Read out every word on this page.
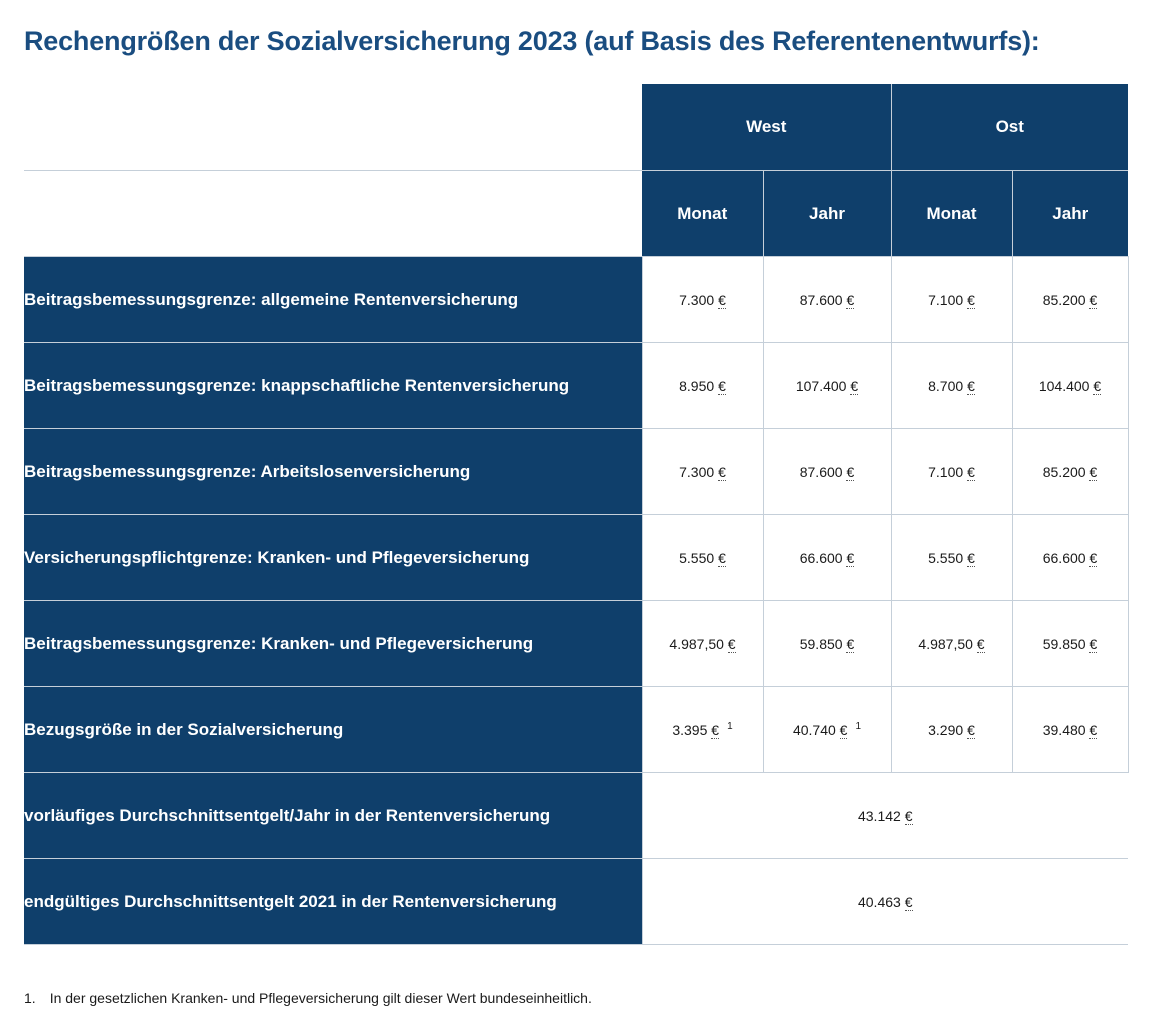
Rechengrößen der Sozialversicherung 2023 (auf Basis des Referentenentwurfs):
	West		Ost	
	Monat	Jahr	Monat	Jahr
Beitragsbemessungsgrenze: allgemeine Rentenversicherung	7.300 €	87.600 €	7.100 €	85.200 €
Beitragsbemessungsgrenze: knappschaftliche Rentenversicherung	8.950 €	107.400 €	8.700 €	104.400 €
Beitragsbemessungsgrenze: Arbeitslosenversicherung	7.300 €	87.600 €	7.100 €	85.200 €
Versicherungspflichtgrenze: Kranken- und Pflegeversicherung	5.550 €	66.600 €	5.550 €	66.600 €
Beitragsbemessungsgrenze: Kranken- und Pflegeversicherung	4.987,50 €	59.850 €	4.987,50 €	59.850 €
Bezugsgröße in der Sozialversicherung	3.395 € $^1$	40.740 € $^1$	3.290 €	39.480 €
vorläufiges Durchschnittsentgelt/Jahr in der Rentenversicherung	43.142 €			
endgültiges Durchschnittsentgelt 2021 in der Rentenversicherung	40.463 €			
1. In der gesetzlichen Kranken- und Pflegeversicherung gilt dieser Wert bundeseinheitlich.
